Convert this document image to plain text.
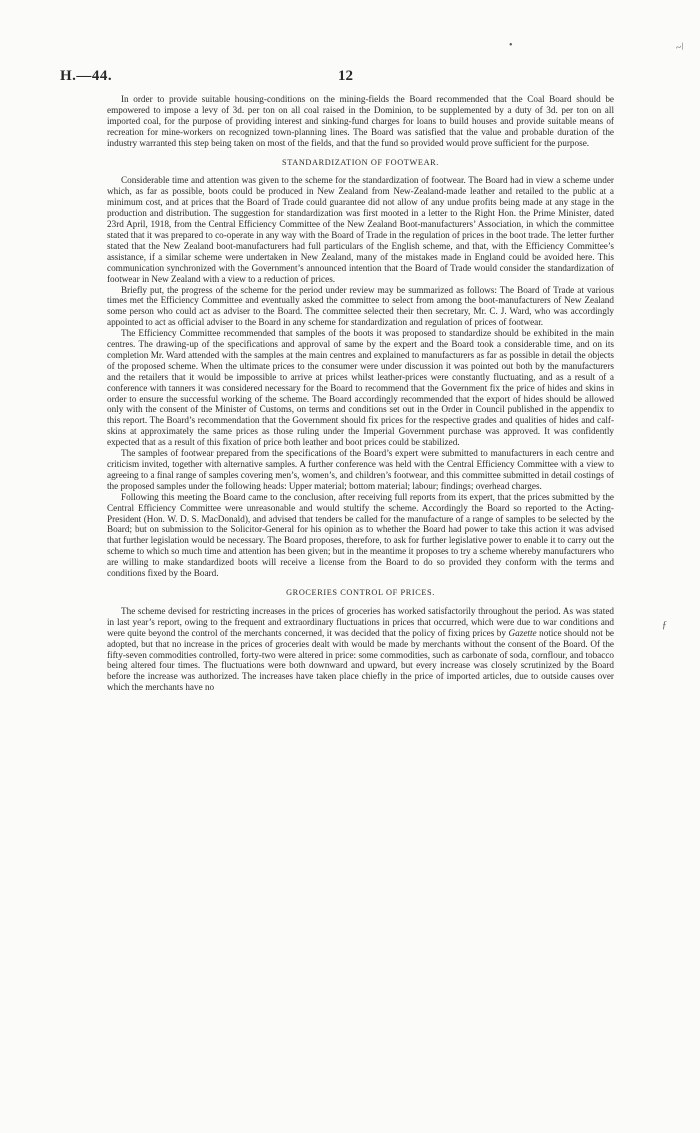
•	~/
ƒ
H.—44.	12

In order to provide suitable housing-conditions on the mining-fields the Board recommended that the Coal Board should be empowered to impose a levy of 3d. per ton on all coal raised in the Dominion, to be supplemented by a duty of 3d. per ton on all imported coal, for the purpose of providing interest and sinking-fund charges for loans to build houses and provide suitable means of recreation for mine-workers on recognized town-planning lines. The Board was satisfied that the value and probable duration of the industry warranted this step being taken on most of the fields, and that the fund so provided would prove sufficient for the purpose.

STANDARDIZATION OF FOOTWEAR.

Considerable time and attention was given to the scheme for the standardization of footwear. The Board had in view a scheme under which, as far as possible, boots could be produced in New Zealand from New-Zealand-made leather and retailed to the public at a minimum cost, and at prices that the Board of Trade could guarantee did not allow of any undue profits being made at any stage in the production and distribution. The suggestion for standardization was first mooted in a letter to the Right Hon. the Prime Minister, dated 23rd April, 1918, from the Central Efficiency Committee of the New Zealand Boot-manufacturers’ Association, in which the committee stated that it was prepared to co-operate in any way with the Board of Trade in the regulation of prices in the boot trade. The letter further stated that the New Zealand boot-manufacturers had full particulars of the English scheme, and that, with the Efficiency Committee’s assistance, if a similar scheme were undertaken in New Zealand, many of the mistakes made in England could be avoided here. This communication synchronized with the Government’s announced intention that the Board of Trade would consider the standardization of footwear in New Zealand with a view to a reduction of prices.

Briefly put, the progress of the scheme for the period under review may be summarized as follows: The Board of Trade at various times met the Efficiency Committee and eventually asked the committee to select from among the boot-manufacturers of New Zealand some person who could act as adviser to the Board. The committee selected their then secretary, Mr. C. J. Ward, who was accordingly appointed to act as official adviser to the Board in any scheme for standardization and regulation of prices of footwear.

The Efficiency Committee recommended that samples of the boots it was proposed to standardize should be exhibited in the main centres. The drawing-up of the specifications and approval of same by the expert and the Board took a considerable time, and on its completion Mr. Ward attended with the samples at the main centres and explained to manufacturers as far as possible in detail the objects of the proposed scheme. When the ultimate prices to the consumer were under discussion it was pointed out both by the manufacturers and the retailers that it would be impossible to arrive at prices whilst leather-prices were constantly fluctuating, and as a result of a conference with tanners it was considered necessary for the Board to recommend that the Government fix the price of hides and skins in order to ensure the successful working of the scheme. The Board accordingly recommended that the export of hides should be allowed only with the consent of the Minister of Customs, on terms and conditions set out in the Order in Council published in the appendix to this report. The Board’s recommendation that the Government should fix prices for the respective grades and qualities of hides and calf-skins at approximately the same prices as those ruling under the Imperial Government purchase was approved. It was confidently expected that as a result of this fixation of price both leather and boot prices could be stabilized.

The samples of footwear prepared from the specifications of the Board’s expert were submitted to manufacturers in each centre and criticism invited, together with alternative samples. A further conference was held with the Central Efficiency Committee with a view to agreeing to a final range of samples covering men’s, women’s, and children’s footwear, and this committee submitted in detail costings of the proposed samples under the following heads: Upper material; bottom material; labour; findings; overhead charges.

Following this meeting the Board came to the conclusion, after receiving full reports from its expert, that the prices submitted by the Central Efficiency Committee were unreasonable and would stultify the scheme. Accordingly the Board so reported to the Acting-President (Hon. W. D. S. MacDonald), and advised that tenders be called for the manufacture of a range of samples to be selected by the Board; but on submission to the Solicitor-General for his opinion as to whether the Board had power to take this action it was advised that further legislation would be necessary. The Board proposes, therefore, to ask for further legislative power to enable it to carry out the scheme to which so much time and attention has been given; but in the meantime it proposes to try a scheme whereby manufacturers who are willing to make standardized boots will receive a license from the Board to do so provided they conform with the terms and conditions fixed by the Board.

GROCERIES CONTROL OF PRICES.

The scheme devised for restricting increases in the prices of groceries has worked satisfactorily throughout the period. As was stated in last year’s report, owing to the frequent and extraordinary fluctuations in prices that occurred, which were due to war conditions and were quite beyond the control of the merchants concerned, it was decided that the policy of fixing prices by Gazette notice should not be adopted, but that no increase in the prices of groceries dealt with would be made by merchants without the consent of the Board. Of the fifty-seven commodities controlled, forty-two were altered in price: some commodities, such as carbonate of soda, cornflour, and tobacco being altered four times. The fluctuations were both downward and upward, but every increase was closely scrutinized by the Board before the increase was authorized. The increases have taken place chiefly in the price of imported articles, due to outside causes over which the merchants have no
